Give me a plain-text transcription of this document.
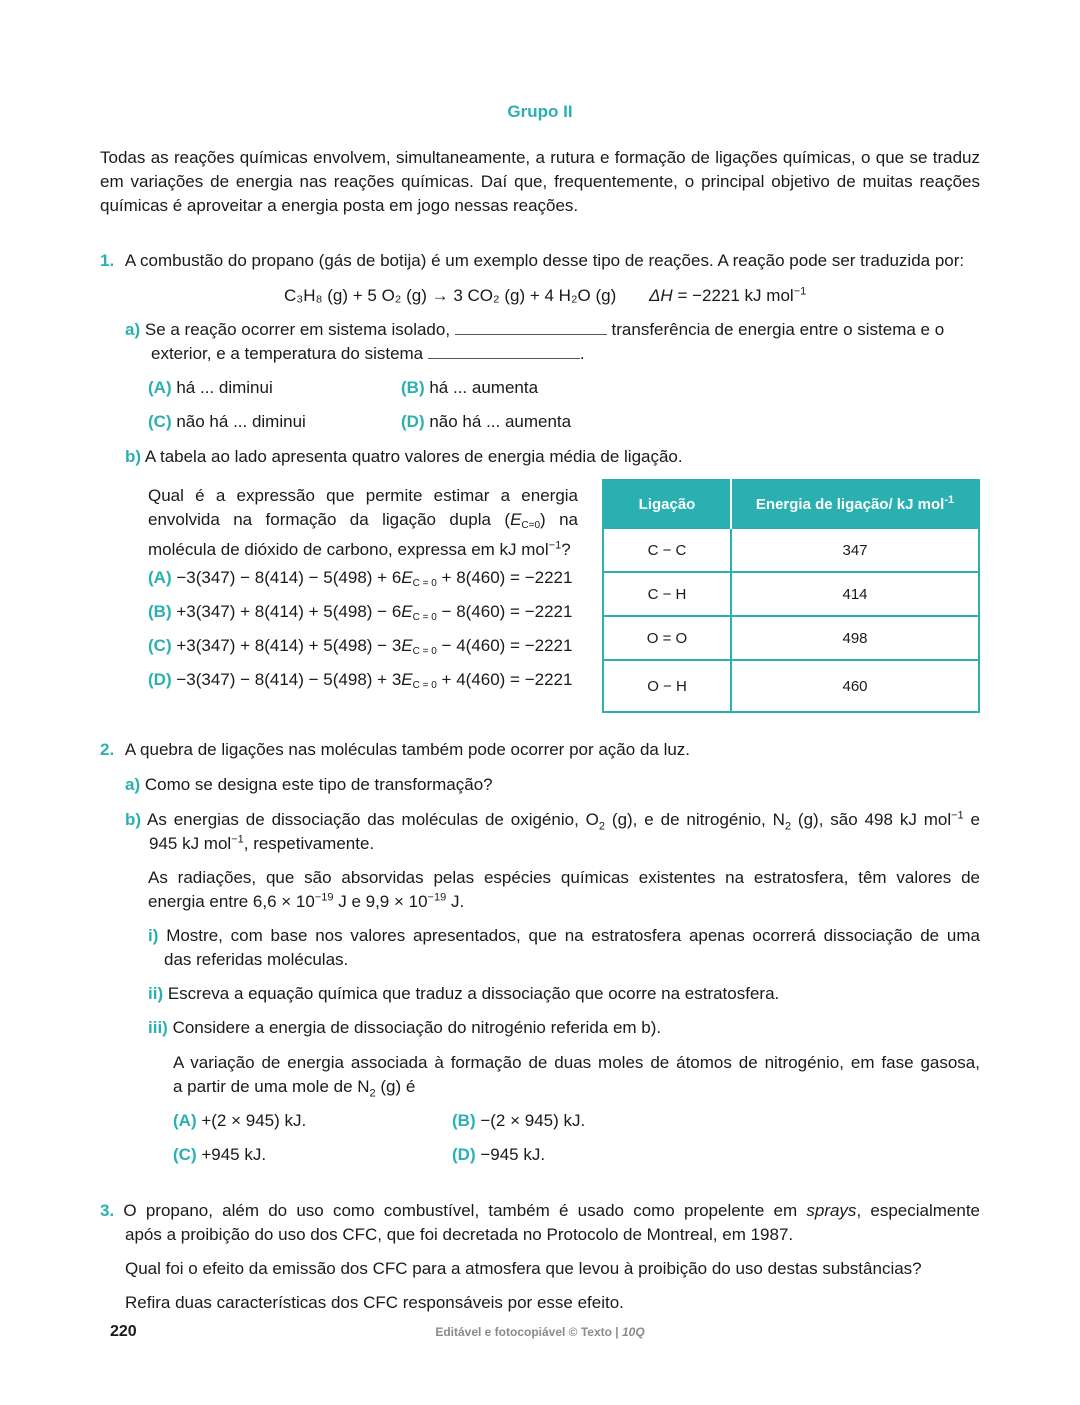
Grupo II
Todas as reações químicas envolvem, simultaneamente, a rutura e formação de ligações químicas, o que se traduz em variações de energia nas reações químicas. Daí que, frequentemente, o principal objetivo de muitas reações químicas é aproveitar a energia posta em jogo nessas reações.
1. A combustão do propano (gás de botija) é um exemplo desse tipo de reações. A reação pode ser traduzida por:
C₃H₈ (g) + 5 O₂ (g) → 3 CO₂ (g) + 4 H₂O (g) ΔH = −2221 kJ mol$^{-1}$
a) Se a reação ocorrer em sistema isolado,	transferência de energia entre o sistema e o
exterior, e a temperatura do sistema	.
(A) há ... diminui	(B) há ... aumenta
(C) não há ... diminui	(D) não há ... aumenta
b) A tabela ao lado apresenta quatro valores de energia média de ligação.
Qual é a expressão que permite estimar a energia
envolvida na formação da ligação dupla (EC=0) na
molécula de dióxido de carbono, expressa em kJ mol$^{-1}$?
(A) −3(347) − 8(414) − 5(498) + 6EC = 0 + 8(460) = −2221
(B) +3(347) + 8(414) + 5(498) − 6EC = 0 − 8(460) = −2221
(C) +3(347) + 8(414) + 5(498) − 3EC = 0 − 4(460) = −2221
(D) −3(347) − 8(414) − 5(498) + 3EC = 0 + 4(460) = −2221
Ligação	Energia de ligação/ kJ mol$^{-1}$
C − C	347
C − H	414
O = O	498
O − H	460
2. A quebra de ligações nas moléculas também pode ocorrer por ação da luz.
a) Como se designa este tipo de transformação?
b) As energias de dissociação das moléculas de oxigénio, $O_2$ (g), e de nitrogénio, $N_2$ (g), são 498 kJ mol$^{-1}$ e
945 kJ mol$^{-1}$, respetivamente.
As radiações, que são absorvidas pelas espécies químicas existentes na estratosfera, têm valores de
energia entre $6,6 \times 10^{-19}$ J e $9,9 \times 10^{-19}$ J.
i) Mostre, com base nos valores apresentados, que na estratosfera apenas ocorrerá dissociação de uma
das referidas moléculas.
ii) Escreva a equação química que traduz a dissociação que ocorre na estratosfera.
iii) Considere a energia de dissociação do nitrogénio referida em b).
A variação de energia associada à formação de duas moles de átomos de nitrogénio, em fase gasosa,
a partir de uma mole de $N_2$ (g) é
(A) +(2 × 945) kJ.	(B) −(2 × 945) kJ.
(C) +945 kJ.	(D) −945 kJ.
3. O propano, além do uso como combustível, também é usado como propelente em sprays, especialmente
após a proibição do uso dos CFC, que foi decretada no Protocolo de Montreal, em 1987.
Qual foi o efeito da emissão dos CFC para a atmosfera que levou à proibição do uso destas substâncias?
Refira duas características dos CFC responsáveis por esse efeito.
220	Editável e fotocopiável © Texto | 10Q
